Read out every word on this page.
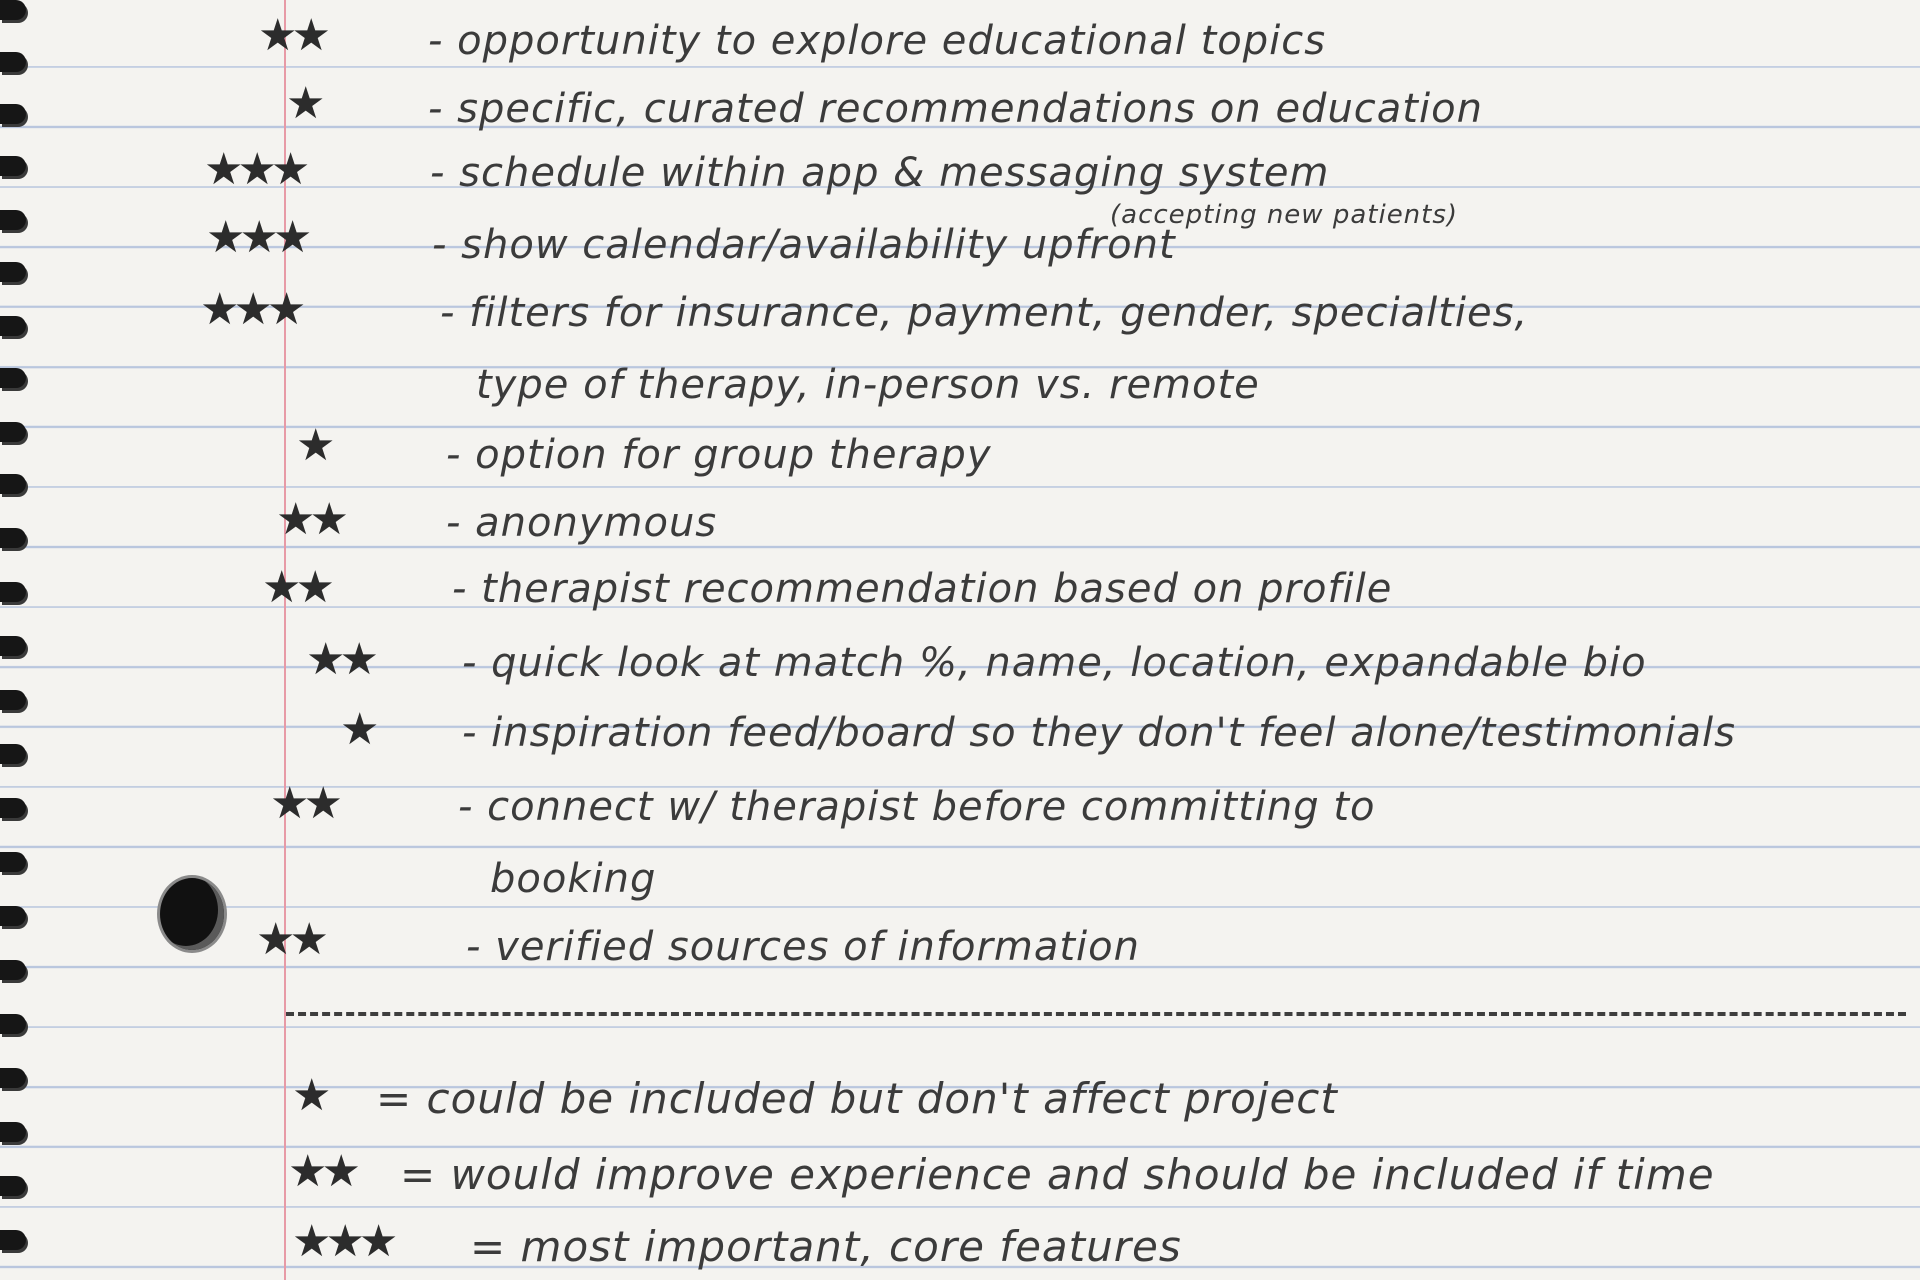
★★	- opportunity to explore educational topics
★	- specific, curated recommendations on education
★★★	- schedule within app & messaging system
(accepting new patients)
★★★	- show calendar/availability upfront
★★★	- filters for insurance, payment, gender, specialties,
type of therapy, in-person vs. remote
★	- option for group therapy
★★	- anonymous
★★	- therapist recommendation based on profile
★★ - quick look at match %, name, location, expandable bio
★ - inspiration feed/board so they don't feel alone/testimonials
★★	- connect w/ therapist before committing to
booking
★★	- verified sources of information
★ = could be included but don't affect project
★★ = would improve experience and should be included if time
★★★ = most important, core features
